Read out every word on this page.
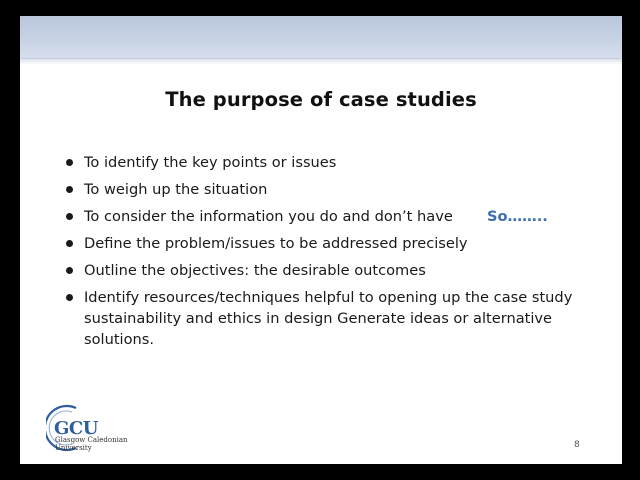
The purpose of case studies
To identify the key points or issues
To weigh up the situation
To consider the information you do and don’t have So……..
Define the problem/issues to be addressed precisely
Outline the objectives: the desirable outcomes
Identify resources/techniques helpful to opening up the case study sustainability and ethics in design Generate ideas or alternative solutions.
GCU
Glasgow Caledonian
University	8
